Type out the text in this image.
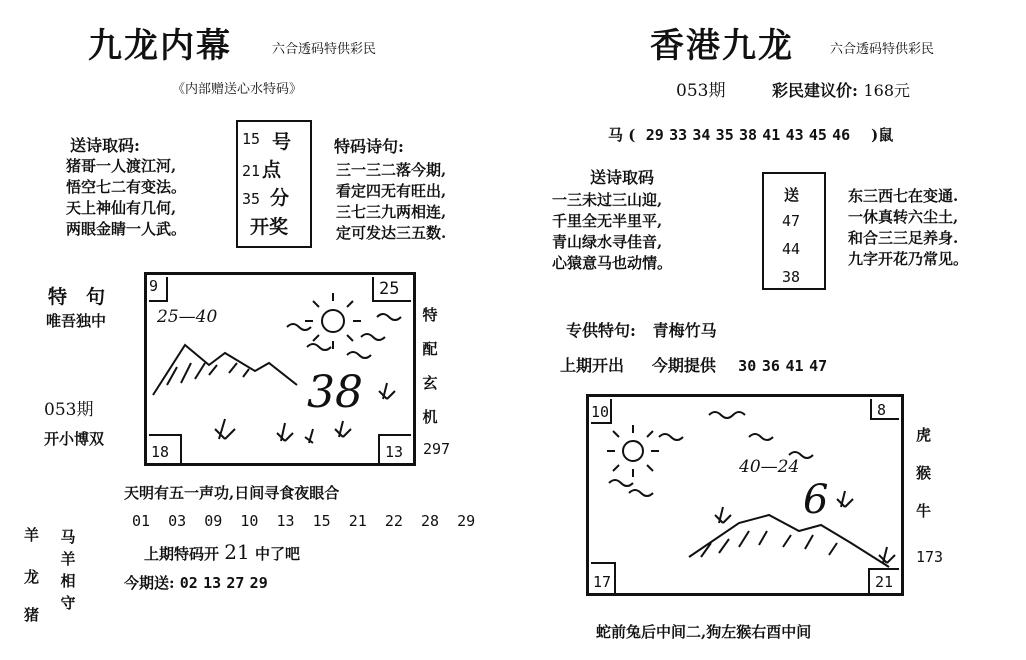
九龙内幕	六合透码特供彩民
《内部赠送心水特码》
送诗取码:
猪哥一人渡江河,
悟空七二有变法。
天上神仙有几何,
两眼金睛一人武。
15
21
35
号
点
分
开奖
特码诗句:
三一三二落今期,
看定四无有旺出,
三七三九两相连,
定可发达三五数.
特　句
唯吾独中
053期
开小博双
9	25
18	13
25—40
38
特配玄机
297
天明有五一声功,日间寻食夜眼合
01 03 09 10 13 15 21 22 28 29
上期特码开 21 中了吧
今期送: 02 13 27 29
羊
龙
猪
马羊相守
香港九龙	六合透码特供彩民
053期	彩民建议价: 168元
马 (  29 33 34 35 38 41 43 45 46    )鼠
送诗取码
一三未过三山迎,
千里全无半里平,
青山绿水寻佳音,
心猿意马也动情。
送
47
44
38
东三西七在变通.
一休真转六尘土,
和合三三足养身.
九字开花乃常见。
专供特句: 青梅竹马
上期开出 今期提供 30 36 41 47
10	8
17	21
40—24
6
虎
猴
牛
173
蛇前兔后中间二,狗左猴右酉中间
